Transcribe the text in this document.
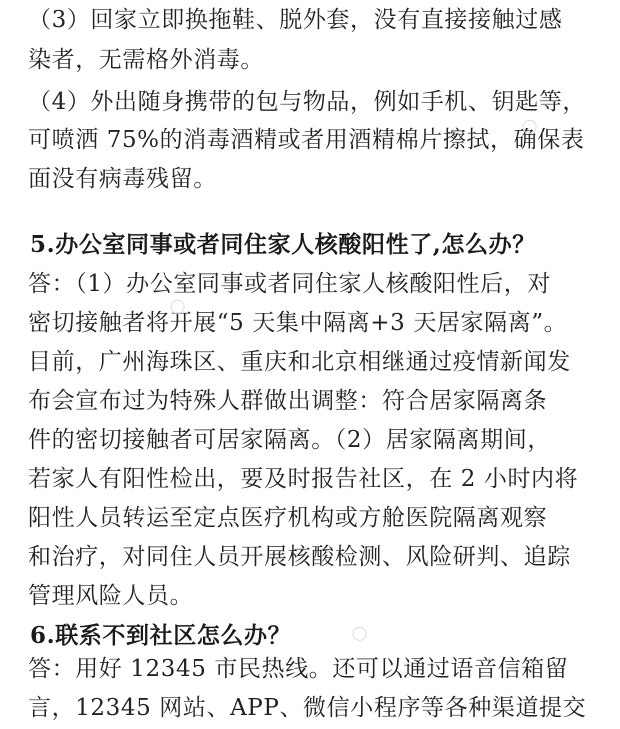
（3）回家立即换拖鞋、脱外套，没有直接接触过感
染者，无需格外消毒。
（4）外出随身携带的包与物品，例如手机、钥匙等，
可喷洒 75%的消毒酒精或者用酒精棉片擦拭，确保表
面没有病毒残留。
5.办公室同事或者同住家人核酸阳性了,怎么办？
答：（1）办公室同事或者同住家人核酸阳性后，对
密切接触者将开展“5 天集中隔离+3 天居家隔离”。
目前，广州海珠区、重庆和北京相继通过疫情新闻发
布会宣布过为特殊人群做出调整：符合居家隔离条
件的密切接触者可居家隔离。（2）居家隔离期间，
若家人有阳性检出，要及时报告社区，在 2 小时内将
阳性人员转运至定点医疗机构或方舱医院隔离观察
和治疗，对同住人员开展核酸检测、风险研判、追踪
管理风险人员。
6.联系不到社区怎么办？
答：用好 12345 市民热线。还可以通过语音信箱留
言，12345 网站、APP、微信小程序等各种渠道提交
